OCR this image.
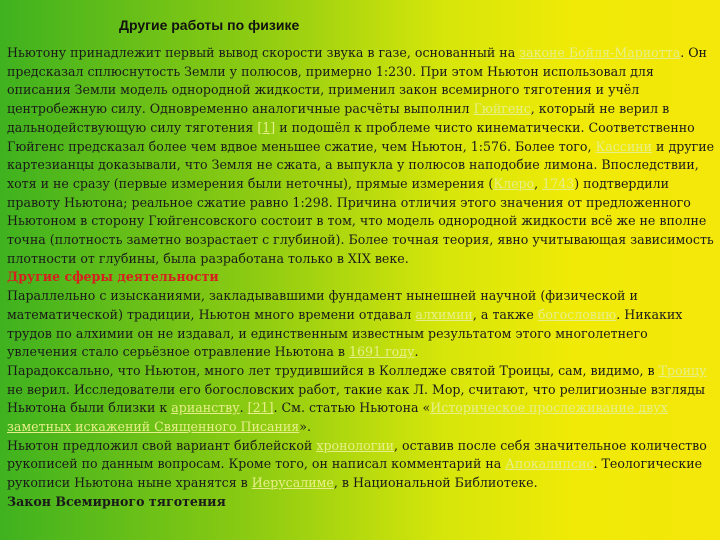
Другие работы по физике

Ньютону принадлежит первый вывод скорости звука в газе, основанный на законе Бойля-Мариотта. Он предсказал сплюснутость Земли у полюсов, примерно 1:230. При этом Ньютон использовал для описания Земли модель однородной жидкости, применил закон всемирного тяготения и учёл центробежную силу. Одновременно аналогичные расчёты выполнил Гюйгенс, который не верил в дальнодействующую силу тяготения [1] и подошёл к проблеме чисто кинематически. Соответственно Гюйгенс предсказал более чем вдвое меньшее сжатие, чем Ньютон, 1:576. Более того, Кассини и другие картезианцы доказывали, что Земля не сжата, а выпукла у полюсов наподобие лимона. Впоследствии, хотя и не сразу (первые измерения были неточны), прямые измерения (Клеро, 1743) подтвердили правоту Ньютона; реальное сжатие равно 1:298. Причина отличия этого значения от предложенного Ньютоном в сторону Гюйгенсовского состоит в том, что модель однородной жидкости всё же не вполне точна (плотность заметно возрастает с глубиной). Более точная теория, явно учитывающая зависимость плотности от глубины, была разработана только в XIX веке.

Другие сферы деятельности

Параллельно с изысканиями, закладывавшими фундамент нынешней научной (физической и математической) традиции, Ньютон много времени отдавал алхимии, а также богословию. Никаких трудов по алхимии он не издавал, и единственным известным результатом этого многолетнего увлечения стало серьёзное отравление Ньютона в 1691 году.

Парадоксально, что Ньютон, много лет трудившийся в Колледже святой Троицы, сам, видимо, в Троицу не верил. Исследователи его богословских работ, такие как Л. Мор, считают, что религиозные взгляды Ньютона были близки к арианству. [21]. См. статью Ньютона «Историческое прослеживание двух заметных искажений Священного Писания».

Ньютон предложил свой вариант библейской хронологии, оставив после себя значительное количество рукописей по данным вопросам. Кроме того, он написал комментарий на Апокалипсис. Теологические рукописи Ньютона ныне хранятся в Иерусалиме, в Национальной Библиотеке.

Закон Всемирного тяготения
